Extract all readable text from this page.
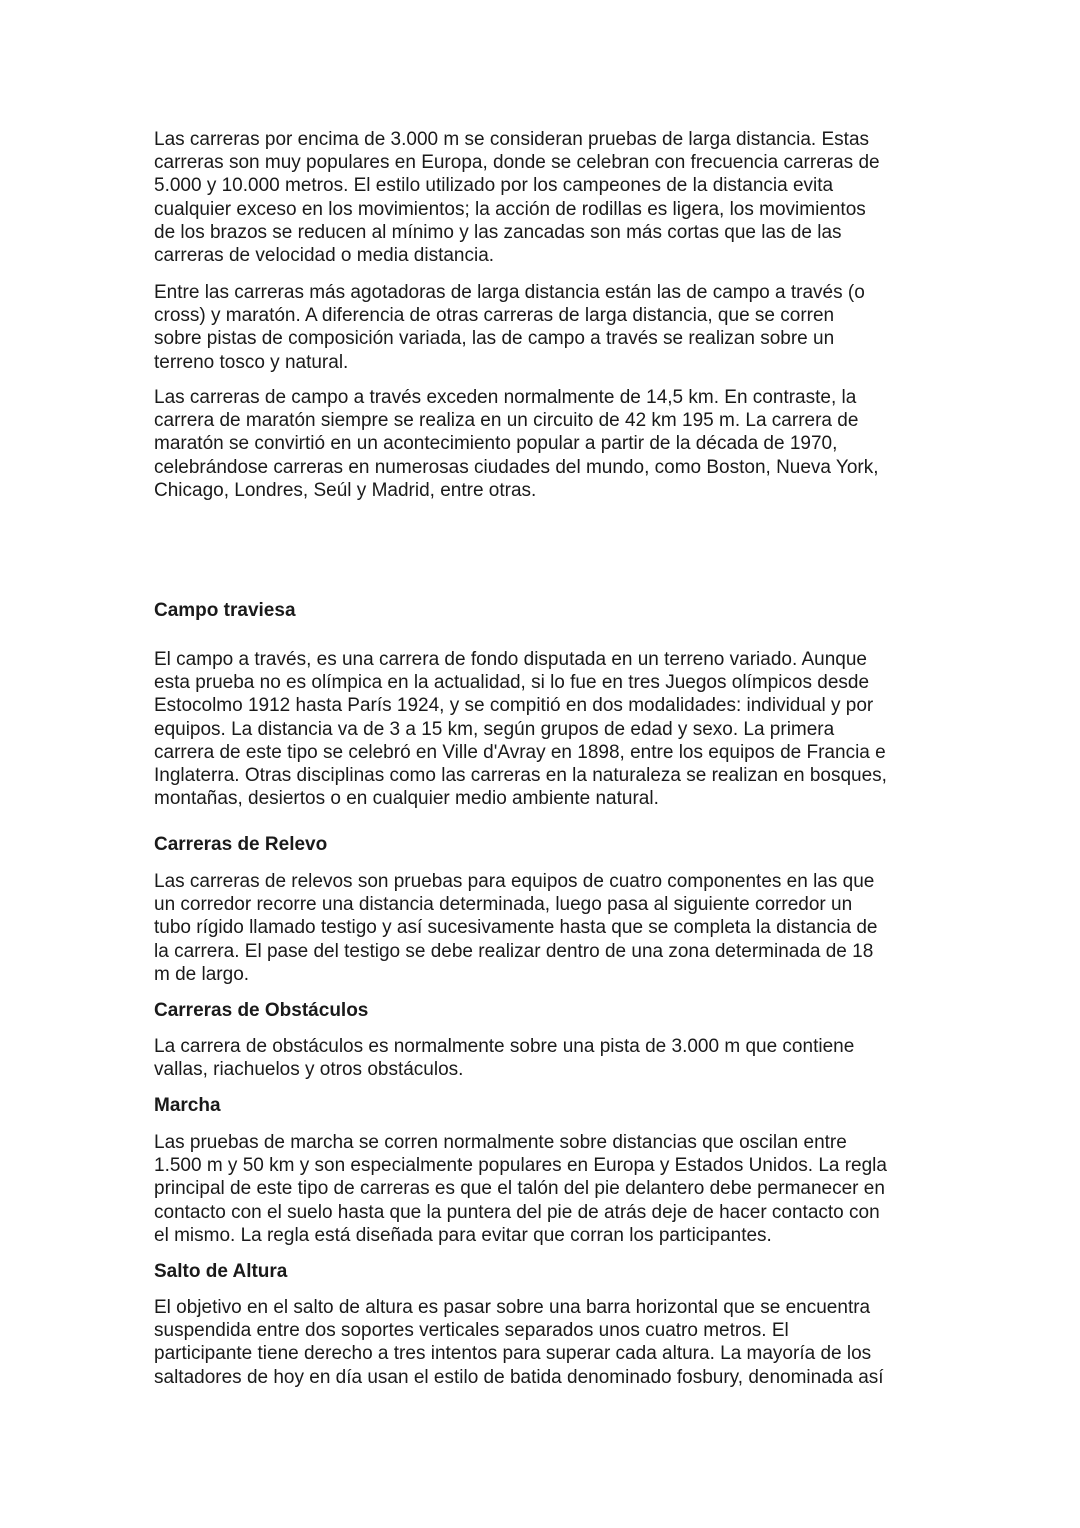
Las carreras por encima de 3.000 m se consideran pruebas de larga distancia. Estas
carreras son muy populares en Europa, donde se celebran con frecuencia carreras de
5.000 y 10.000 metros. El estilo utilizado por los campeones de la distancia evita
cualquier exceso en los movimientos; la acción de rodillas es ligera, los movimientos
de los brazos se reducen al mínimo y las zancadas son más cortas que las de las
carreras de velocidad o media distancia.

Entre las carreras más agotadoras de larga distancia están las de campo a través (o
cross) y maratón. A diferencia de otras carreras de larga distancia, que se corren
sobre pistas de composición variada, las de campo a través se realizan sobre un
terreno tosco y natural.

Las carreras de campo a través exceden normalmente de 14,5 km. En contraste, la
carrera de maratón siempre se realiza en un circuito de 42 km 195 m. La carrera de
maratón se convirtió en un acontecimiento popular a partir de la década de 1970,
celebrándose carreras en numerosas ciudades del mundo, como Boston, Nueva York,
Chicago, Londres, Seúl y Madrid, entre otras.

Campo traviesa

El campo a través, es una carrera de fondo disputada en un terreno variado. Aunque
esta prueba no es olímpica en la actualidad, si lo fue en tres Juegos olímpicos desde
Estocolmo 1912 hasta París 1924, y se compitió en dos modalidades: individual y por
equipos. La distancia va de 3 a 15 km, según grupos de edad y sexo. La primera
carrera de este tipo se celebró en Ville d'Avray en 1898, entre los equipos de Francia e
Inglaterra. Otras disciplinas como las carreras en la naturaleza se realizan en bosques,
montañas, desiertos o en cualquier medio ambiente natural.

Carreras de Relevo

Las carreras de relevos son pruebas para equipos de cuatro componentes en las que
un corredor recorre una distancia determinada, luego pasa al siguiente corredor un
tubo rígido llamado testigo y así sucesivamente hasta que se completa la distancia de
la carrera. El pase del testigo se debe realizar dentro de una zona determinada de 18
m de largo.

Carreras de Obstáculos

La carrera de obstáculos es normalmente sobre una pista de 3.000 m que contiene
vallas, riachuelos y otros obstáculos.

Marcha

Las pruebas de marcha se corren normalmente sobre distancias que oscilan entre
1.500 m y 50 km y son especialmente populares en Europa y Estados Unidos. La regla
principal de este tipo de carreras es que el talón del pie delantero debe permanecer en
contacto con el suelo hasta que la puntera del pie de atrás deje de hacer contacto con
el mismo. La regla está diseñada para evitar que corran los participantes.

Salto de Altura

El objetivo en el salto de altura es pasar sobre una barra horizontal que se encuentra
suspendida entre dos soportes verticales separados unos cuatro metros. El
participante tiene derecho a tres intentos para superar cada altura. La mayoría de los
saltadores de hoy en día usan el estilo de batida denominado fosbury, denominada así
